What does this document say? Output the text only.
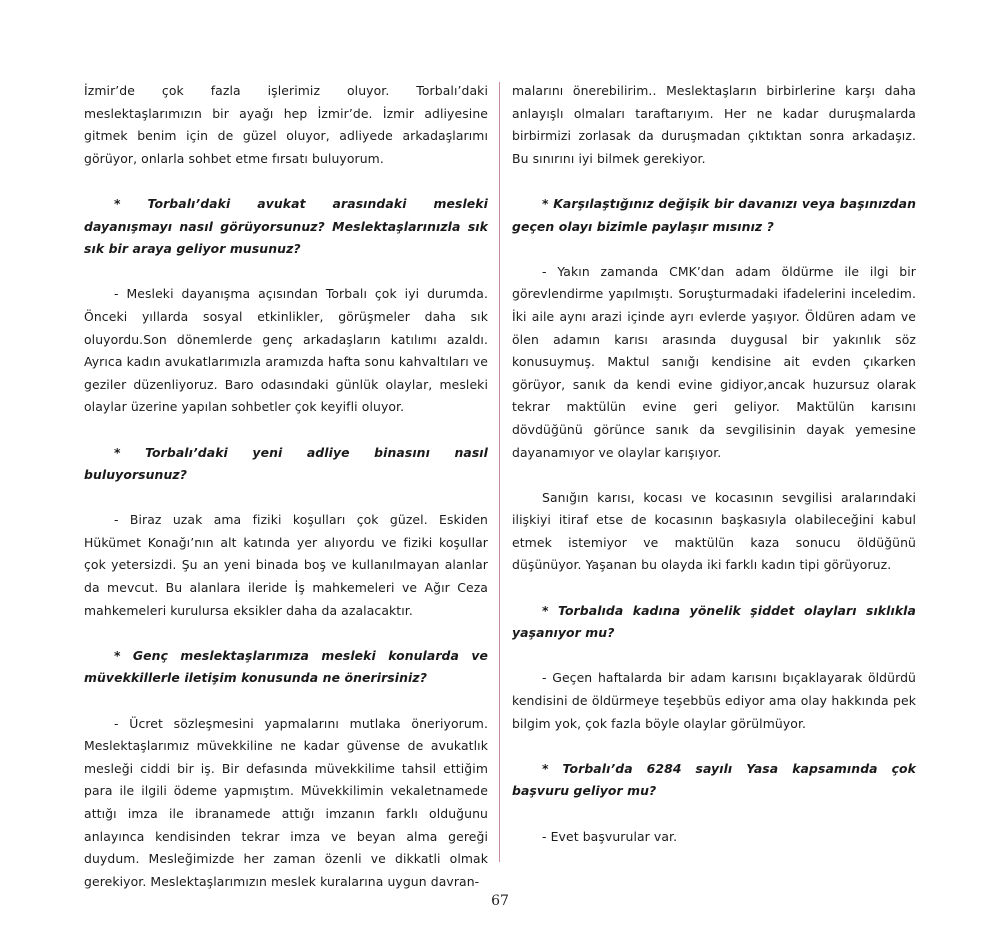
İzmir’de çok fazla işlerimiz oluyor. Torbalı’daki meslektaşlarımızın bir ayağı hep İzmir’de. İzmir adliyesine gitmek benim için de güzel oluyor, adliyede arkadaşlarımı görüyor, onlarla sohbet etme fırsatı buluyorum.

* Torbalı’daki avukat arasındaki mesleki dayanışmayı nasıl görüyorsunuz? Meslektaşlarınızla sık sık bir araya geliyor musunuz?

- Mesleki dayanışma açısından Torbalı çok iyi durumda. Önceki yıllarda sosyal etkinlikler, görüşmeler daha sık oluyordu.Son dönemlerde genç arkadaşların katılımı azaldı. Ayrıca kadın avukatlarımızla aramızda hafta sonu kahvaltıları ve geziler düzenliyoruz. Baro odasındaki günlük olaylar, mesleki olaylar üzerine yapılan sohbetler çok keyifli oluyor.

* Torbalı’daki yeni adliye binasını nasıl buluyorsunuz?

- Biraz uzak ama fiziki koşulları çok güzel. Eskiden Hükümet Konağı’nın alt katında yer alıyordu ve fiziki koşullar çok yetersizdi. Şu an yeni binada boş ve kullanılmayan alanlar da mevcut. Bu alanlara ileride İş mahkemeleri ve Ağır Ceza mahkemeleri kurulursa eksikler daha da azalacaktır.

* Genç meslektaşlarımıza mesleki konularda ve müvekkillerle iletişim konusunda ne önerirsiniz?

- Ücret sözleşmesini yapmalarını mutlaka öneriyorum. Meslektaşlarımız müvekkiline ne kadar güvense de avukatlık mesleği ciddi bir iş. Bir defasında müvekkilime tahsil ettiğim para ile ilgili ödeme yapmıştım. Müvekkilimin vekaletnamede attığı imza ile ibranamede attığı imzanın farklı olduğunu anlayınca kendisinden tekrar imza ve beyan alma gereği duydum. Mesleğimizde her zaman özenli ve dikkatli olmak gerekiyor. Meslektaşlarımızın meslek kuralarına uygun davran-

malarını önerebilirim.. Meslektaşların birbirlerine karşı daha anlayışlı olmaları taraftarıyım. Her ne kadar duruşmalarda birbirmizi zorlasak da duruşmadan çıktıktan sonra arkadaşız. Bu sınırını iyi bilmek gerekiyor.

* Karşılaştığınız değişik bir davanızı veya başınızdan geçen olayı bizimle paylaşır mısınız ?

- Yakın zamanda CMK’dan adam öldürme ile ilgi bir görevlendirme yapılmıştı. Soruşturmadaki ifadelerini inceledim. İki aile aynı arazi içinde ayrı evlerde yaşıyor. Öldüren adam ve ölen adamın karısı arasında duygusal bir yakınlık söz konusuymuş. Maktul sanığı kendisine ait evden çıkarken görüyor, sanık da kendi evine gidiyor,ancak huzursuz olarak tekrar maktülün evine geri geliyor. Maktülün karısını dövdüğünü görünce sanık da sevgilisinin dayak yemesine dayanamıyor ve olaylar karışıyor.

Sanığın karısı, kocası ve kocasının sevgilisi aralarındaki ilişkiyi itiraf etse de kocasının başkasıyla olabileceğini kabul etmek istemiyor ve maktülün kaza sonucu öldüğünü düşünüyor. Yaşanan bu olayda iki farklı kadın tipi görüyoruz.

* Torbalıda kadına yönelik şiddet olayları sıklıkla yaşanıyor mu?

- Geçen haftalarda bir adam karısını bıçaklayarak öldürdü kendisini de öldürmeye teşebbüs ediyor ama olay hakkında pek bilgim yok, çok fazla böyle olaylar görülmüyor.

* Torbalı’da 6284 sayılı Yasa kapsamında çok başvuru geliyor mu?

- Evet başvurular var.

67
